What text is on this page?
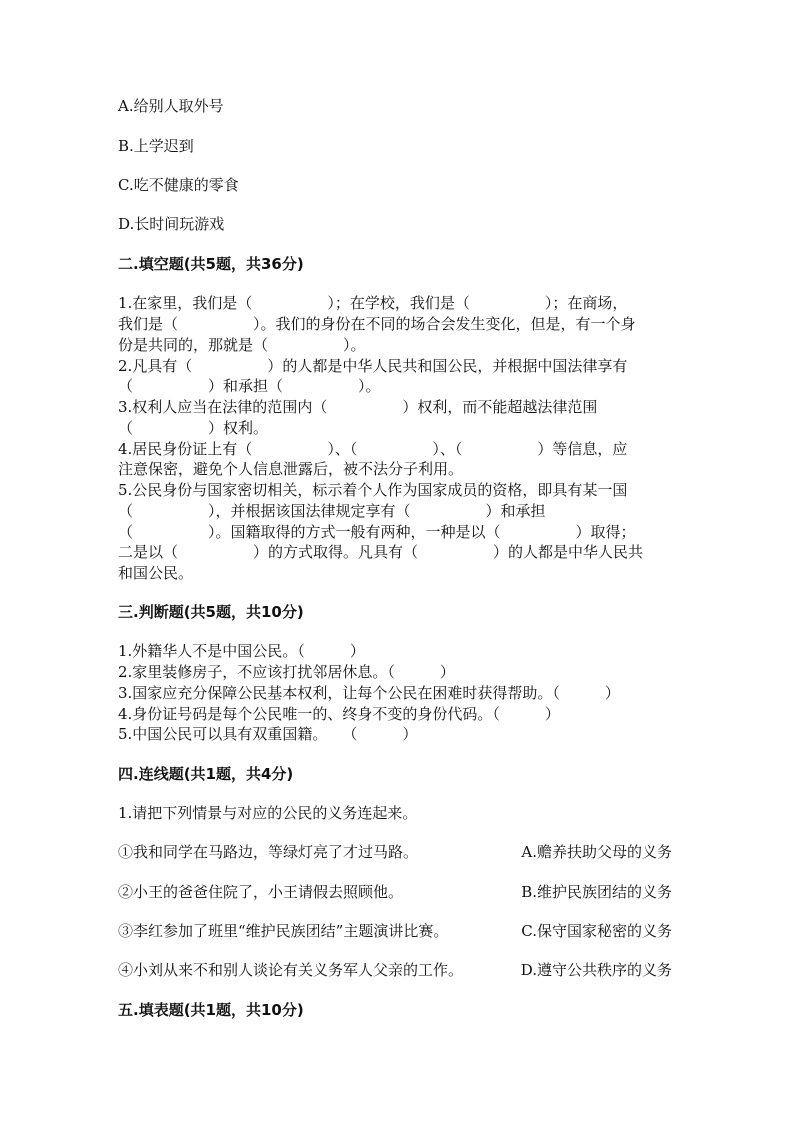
A.给别人取外号
B.上学迟到
C.吃不健康的零食
D.长时间玩游戏
二.填空题(共5题，共36分)
1.在家里，我们是（　　　　　）；在学校，我们是（　　　　　）；在商场，
我们是（　　　　　）。我们的身份在不同的场合会发生变化，但是，有一个身
份是共同的，那就是（　　　　　）。
2.凡具有（　　　　　）的人都是中华人民共和国公民，并根据中国法律享有
（　　　　　）和承担（　　　　　）。
3.权利人应当在法律的范围内（　　　　　）权利，而不能超越法律范围
（　　　　　）权利。
4.居民身份证上有（　　　　　）、（　　　　　）、（　　　　　）等信息，应
注意保密，避免个人信息泄露后，被不法分子利用。
5.公民身份与国家密切相关，标示着个人作为国家成员的资格，即具有某一国
（　　　　　），并根据该国法律规定享有（　　　　　）和承担
（　　　　　）。国籍取得的方式一般有两种，一种是以（　　　　　）取得；
二是以（　　　　　）的方式取得。凡具有（　　　　　）的人都是中华人民共
和国公民。
三.判断题(共5题，共10分)
1.外籍华人不是中国公民。（　　　）
2.家里装修房子，不应该打扰邻居休息。（　　　）
3.国家应充分保障公民基本权利，让每个公民在困难时获得帮助。（　　　）
4.身份证号码是每个公民唯一的、终身不变的身份代码。（　　　）
5.中国公民可以具有双重国籍。　　（　　　）
四.连线题(共1题，共4分)
1.请把下列情景与对应的公民的义务连起来。
①我和同学在马路边，等绿灯亮了才过马路。	A.赡养扶助父母的义务
②小王的爸爸住院了，小王请假去照顾他。	B.维护民族团结的义务
③李红参加了班里“维护民族团结”主题演讲比赛。	C.保守国家秘密的义务
④小刘从来不和别人谈论有关义务军人父亲的工作。	D.遵守公共秩序的义务
五.填表题(共1题，共10分)
